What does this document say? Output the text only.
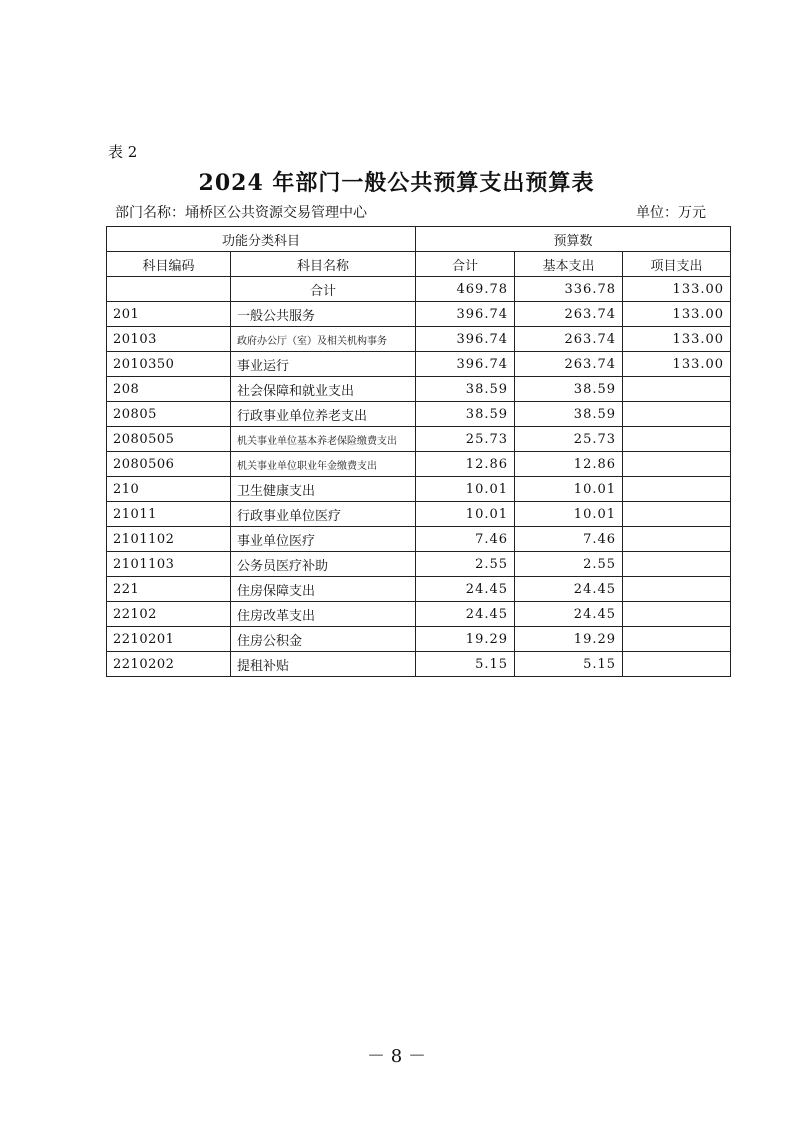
表 2
2024 年部门一般公共预算支出预算表
部门名称：埇桥区公共资源交易管理中心	单位：万元
功能分类科目		预算数		
科目编码	科目名称	合计	基本支出	项目支出
	合计	469.78	336.78	133.00
201	一般公共服务	396.74	263.74	133.00
20103	政府办公厅（室）及相关机构事务	396.74	263.74	133.00
2010350	事业运行	396.74	263.74	133.00
208	社会保障和就业支出	38.59	38.59	
20805	行政事业单位养老支出	38.59	38.59	
2080505	机关事业单位基本养老保险缴费支出	25.73	25.73	
2080506	机关事业单位职业年金缴费支出	12.86	12.86	
210	卫生健康支出	10.01	10.01	
21011	行政事业单位医疗	10.01	10.01	
2101102	事业单位医疗	7.46	7.46	
2101103	公务员医疗补助	2.55	2.55	
221	住房保障支出	24.45	24.45	
22102	住房改革支出	24.45	24.45	
2210201	住房公积金	19.29	19.29	
2210202	提租补贴	5.15	5.15	
－ 8 －
